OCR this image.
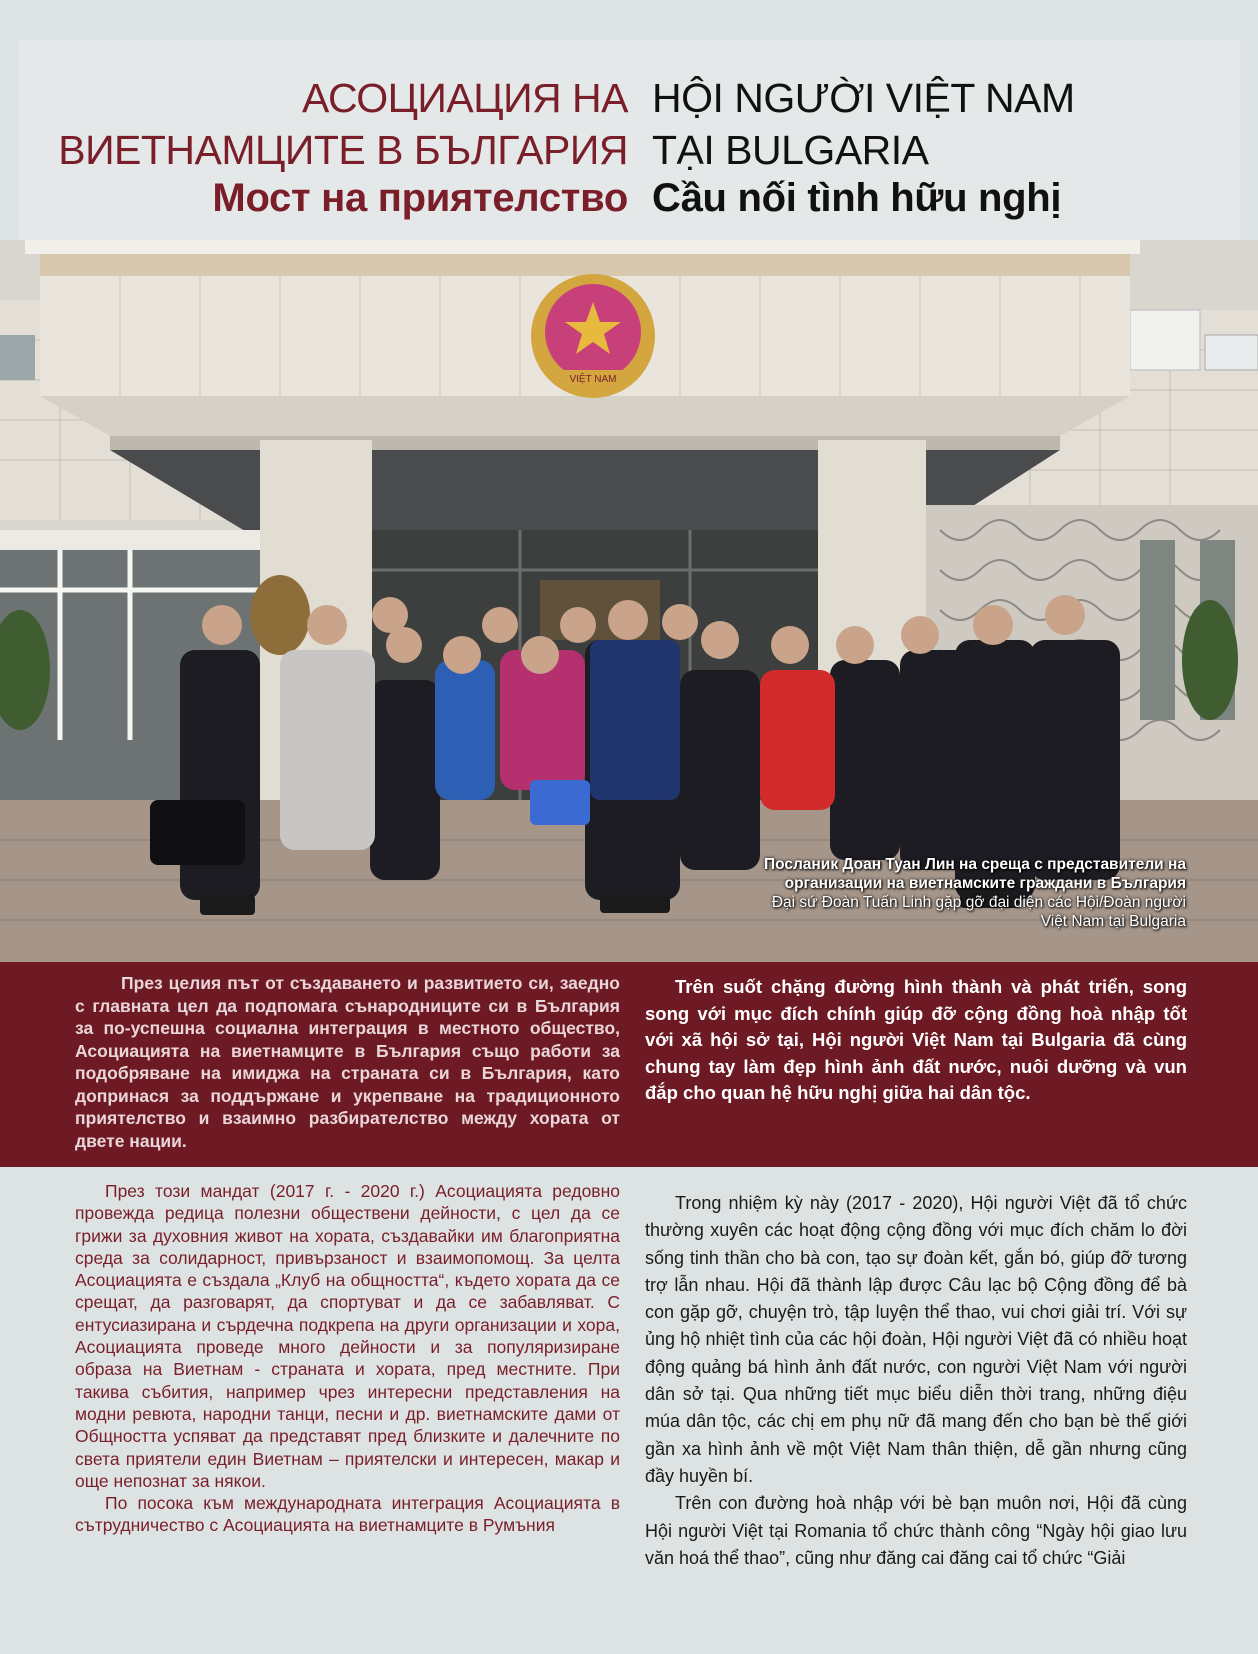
АСОЦИАЦИЯ НА
ВИЕТНАМЦИТЕ В БЪЛГАРИЯ
Мост на приятелство
HỘI NGƯỜI VIỆT NAM
TẠI BULGARIA
Cầu nối tình hữu nghị
VIỆT NAM
Посланик Доан Туан Лин на среща с представители на
организации на виетнамските граждани в България
Đại sứ Đoàn Tuấn Linh gặp gỡ đại diện các Hội/Đoàn người
Việt Nam tại Bulgaria
През целия път от създаването и развитието си, заедно с главната цел да подпомага сънародниците си в България за по-успешна социална интеграция в местното общество, Асоциацията на виетнамците в България също работи за подобряване на имиджа на страната си в България, като допринася за поддържане и укрепване на традиционното приятелство и взаимно разбирателство между хората от двете нации.
Trên suốt chặng đường hình thành và phát triển, song song với mục đích chính giúp đỡ cộng đồng hoà nhập tốt với xã hội sở tại, Hội người Việt Nam tại Bulgaria đã cùng chung tay làm đẹp hình ảnh đất nước, nuôi dưỡng và vun đắp cho quan hệ hữu nghị giữa hai dân tộc.

През този мандат (2017 г. - 2020 г.) Асоциацията редовно провежда редица полезни обществени дейности, с цел да се грижи за духовния живот на хората, създавайки им благоприятна среда за солидарност, привързаност и взаимопомощ. За целта Асоциацията е създала „Клуб на общността“, където хората да се срещат, да разговарят, да спортуват и да се забавляват. С ентусиазирана и сърдечна подкрепа на други организации и хора, Асоциацията проведе много дейности и за популяризиране образа на Виетнам - страната и хората, пред местните. При такива събития, например чрез интересни представления на модни ревюта, народни танци, песни и др. виетнамските дами от Общността успяват да представят пред близките и далечните по света приятели един Виетнам – приятелски и интересен, макар и още непознат за някои.

По посока към международната интеграция Асоциацията в сътрудничество с Асоциацията на виетнамците в Румъния

Trong nhiệm kỳ này (2017 - 2020), Hội người Việt đã tổ chức thường xuyên các hoạt động cộng đồng với mục đích chăm lo đời sống tinh thần cho bà con, tạo sự đoàn kết, gắn bó, giúp đỡ tương trợ lẫn nhau. Hội đã thành lập được Câu lạc bộ Cộng đồng để bà con gặp gỡ, chuyện trò, tập luyện thể thao, vui chơi giải trí. Với sự ủng hộ nhiệt tình của các hội đoàn, Hội người Việt đã có nhiều hoạt động quảng bá hình ảnh đất nước, con người Việt Nam với người dân sở tại. Qua những tiết mục biểu diễn thời trang, những điệu múa dân tộc, các chị em phụ nữ đã mang đến cho bạn bè thế giới gần xa hình ảnh về một Việt Nam thân thiện, dễ gần nhưng cũng đầy huyền bí.

Trên con đường hoà nhập với bè bạn muôn nơi, Hội đã cùng Hội người Việt tại Romania tổ chức thành công “Ngày hội giao lưu văn hoá thể thao”, cũng như đăng cai đăng cai tổ chức “Giải
